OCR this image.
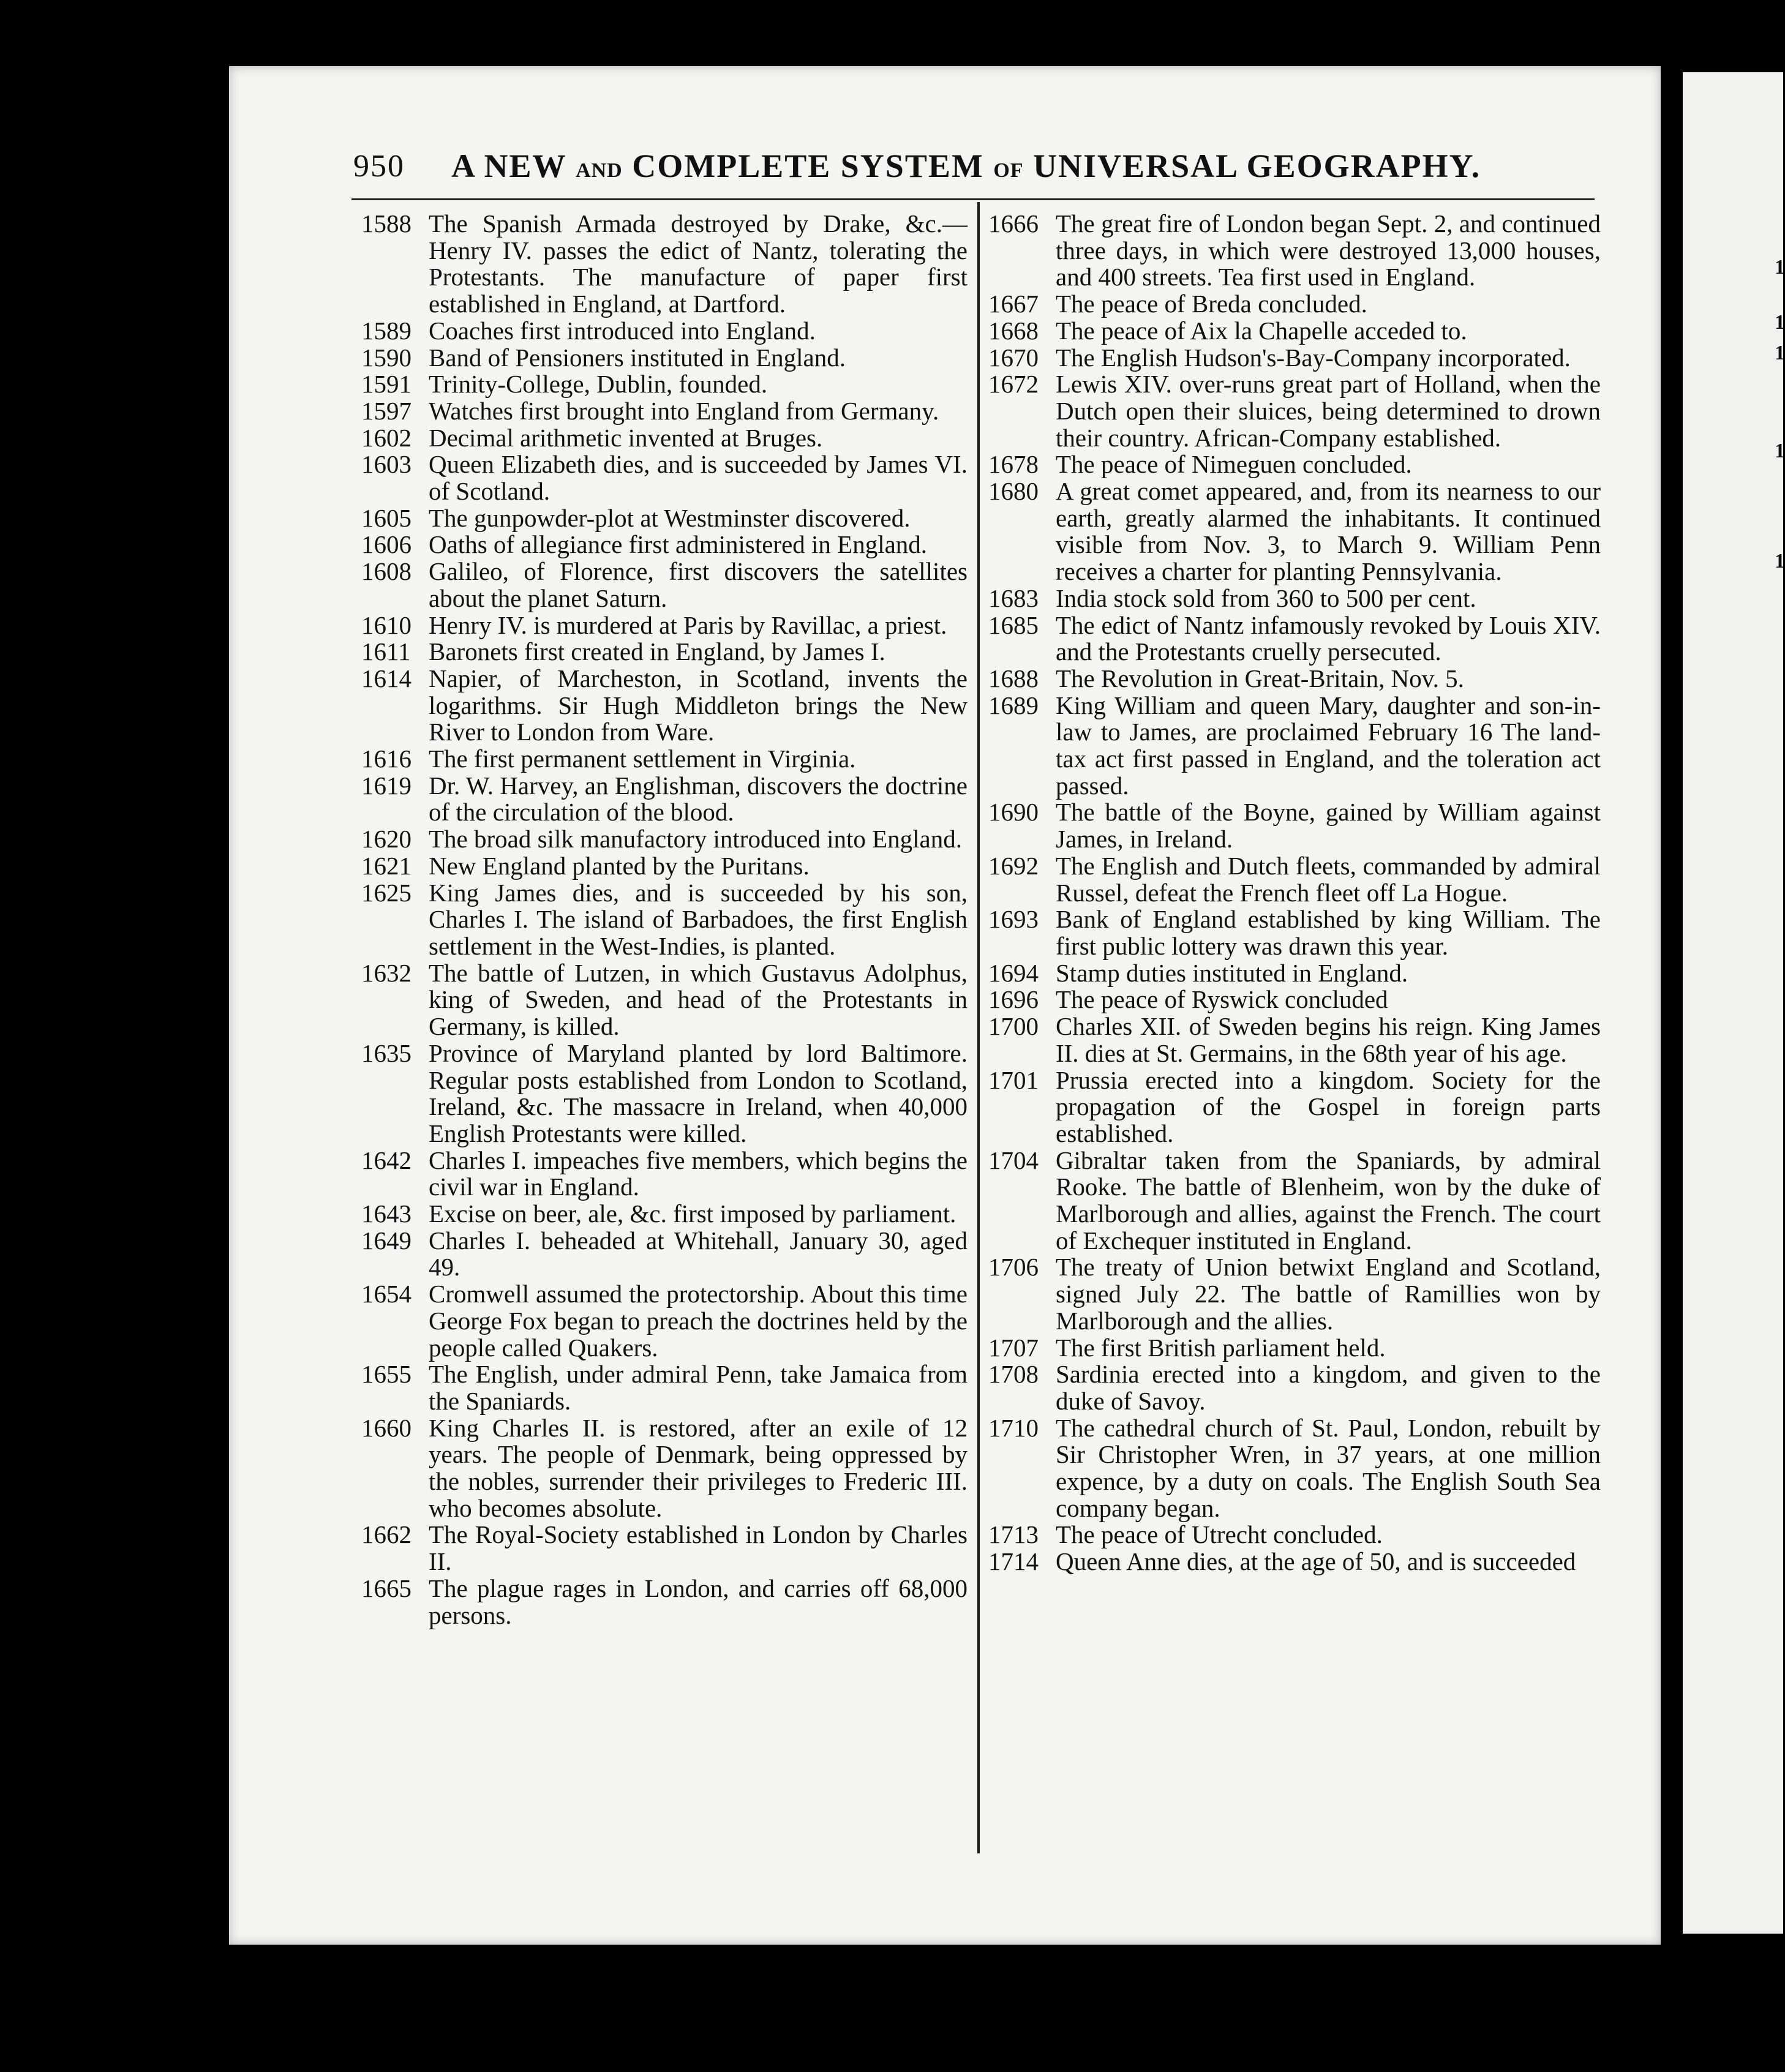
950 A NEW AND COMPLETE SYSTEM OF UNIVERSAL GEOGRAPHY.
1588 The Spanish Armada destroyed by Drake, &c.— Henry IV. passes the edict of Nantz, tolerating the Protestants. The manufacture of paper first established in England, at Dartford.
1589 Coaches first introduced into England.
1590 Band of Pensioners instituted in England.
1591 Trinity-College, Dublin, founded.
1597 Watches first brought into England from Germany.
1602 Decimal arithmetic invented at Bruges.
1603 Queen Elizabeth dies, and is succeeded by James VI. of Scotland.
1605 The gunpowder-plot at Westminster discovered.
1606 Oaths of allegiance first administered in England.
1608 Galileo, of Florence, first discovers the satellites about the planet Saturn.
1610 Henry IV. is murdered at Paris by Ravillac, a priest.
1611 Baronets first created in England, by James I.
1614 Napier, of Marcheston, in Scotland, invents the logarithms. Sir Hugh Middleton brings the New River to London from Ware.
1616 The first permanent settlement in Virginia.
1619 Dr. W. Harvey, an Englishman, discovers the doctrine of the circulation of the blood.
1620 The broad silk manufactory introduced into England.
1621 New England planted by the Puritans.
1625 King James dies, and is succeeded by his son, Charles I. The island of Barbadoes, the first English settlement in the West-Indies, is planted.
1632 The battle of Lutzen, in which Gustavus Adolphus, king of Sweden, and head of the Protestants in Germany, is killed.
1635 Province of Maryland planted by lord Baltimore. Regular posts established from London to Scotland, Ireland, &c. The massacre in Ireland, when 40,000 English Protestants were killed.
1642 Charles I. impeaches five members, which begins the civil war in England.
1643 Excise on beer, ale, &c. first imposed by parliament.
1649 Charles I. beheaded at Whitehall, January 30, aged 49.
1654 Cromwell assumed the protectorship. About this time George Fox began to preach the doctrines held by the people called Quakers.
1655 The English, under admiral Penn, take Jamaica from the Spaniards.
1660 King Charles II. is restored, after an exile of 12 years. The people of Denmark, being oppressed by the nobles, surrender their privileges to Frederic III. who becomes absolute.
1662 The Royal-Society established in London by Charles II.
1665 The plague rages in London, and carries off 68,000 persons.
1666 The great fire of London began Sept. 2, and continued three days, in which were destroyed 13,000 houses, and 400 streets. Tea first used in England.
1667 The peace of Breda concluded.
1668 The peace of Aix la Chapelle acceded to.
1670 The English Hudson's-Bay-Company incorporated.
1672 Lewis XIV. over-runs great part of Holland, when the Dutch open their sluices, being determined to drown their country. African-Company established.
1678 The peace of Nimeguen concluded.
1680 A great comet appeared, and, from its nearness to our earth, greatly alarmed the inhabitants. It continued visible from Nov. 3, to March 9. William Penn receives a charter for planting Pennsylvania.
1683 India stock sold from 360 to 500 per cent.
1685 The edict of Nantz infamously revoked by Louis XIV. and the Protestants cruelly persecuted.
1688 The Revolution in Great-Britain, Nov. 5.
1689 King William and queen Mary, daughter and son-in-law to James, are proclaimed February 16 The land-tax act first passed in England, and the toleration act passed.
1690 The battle of the Boyne, gained by William against James, in Ireland.
1692 The English and Dutch fleets, commanded by admiral Russel, defeat the French fleet off La Hogue.
1693 Bank of England established by king William. The first public lottery was drawn this year.
1694 Stamp duties instituted in England.
1696 The peace of Ryswick concluded
1700 Charles XII. of Sweden begins his reign. King James II. dies at St. Germains, in the 68th year of his age.
1701 Prussia erected into a kingdom. Society for the propagation of the Gospel in foreign parts established.
1704 Gibraltar taken from the Spaniards, by admiral Rooke. The battle of Blenheim, won by the duke of Marlborough and allies, against the French. The court of Exchequer instituted in England.
1706 The treaty of Union betwixt England and Scotland, signed July 22. The battle of Ramillies won by Marlborough and the allies.
1707 The first British parliament held.
1708 Sardinia erected into a kingdom, and given to the duke of Savoy.
1710 The cathedral church of St. Paul, London, rebuilt by Sir Christopher Wren, in 37 years, at one million expence, by a duty on coals. The English South Sea company began.
1713 The peace of Utrecht concluded.
1714 Queen Anne dies, at the age of 50, and is succeeded
1
1
1
1
1
